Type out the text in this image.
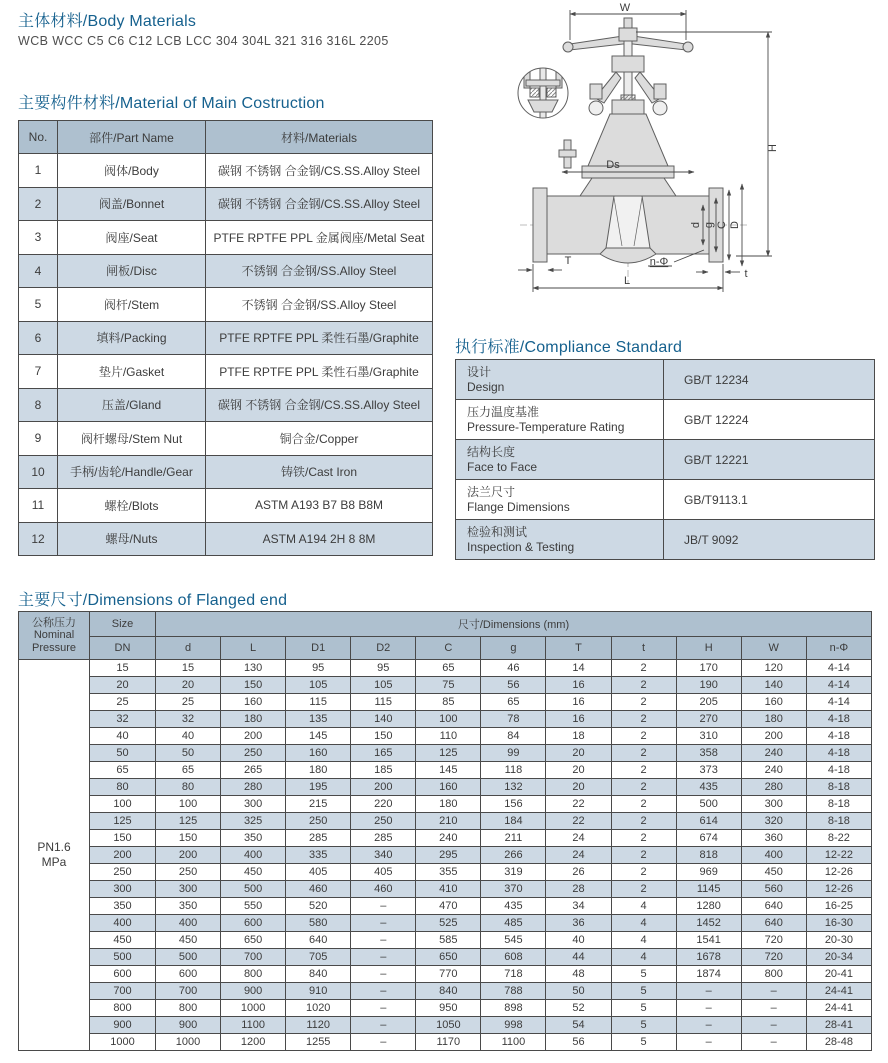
主体材料/Body Materials
WCB WCC C5 C6 C12 LCB LCC 304 304L 321 316 316L 2205
主要构件材料/Material of Main Costruction
No.	部件/Part Name	材料/Materials
1	阀体/Body	碳钢 不锈钢 合金钢/CS.SS.Alloy Steel
2	阀盖/Bonnet	碳钢 不锈钢 合金钢/CS.SS.Alloy Steel
3	阀座/Seat	PTFE RPTFE PPL 金属阀座/Metal Seat
4	闸板/Disc	不锈钢 合金钢/SS.Alloy Steel
5	阀杆/Stem	不锈钢 合金钢/SS.Alloy Steel
6	填料/Packing	PTFE RPTFE PPL 柔性石墨/Graphite
7	垫片/Gasket	PTFE RPTFE PPL 柔性石墨/Graphite
8	压盖/Gland	碳钢 不锈钢 合金钢/CS.SS.Alloy Steel
9	阀杆螺母/Stem Nut	铜合金/Copper
10	手柄/齿轮/Handle/Gear	铸铁/Cast Iron
11	螺栓/Blots	ASTM A193 B7 B8 B8M
12	螺母/Nuts	ASTM A194 2H 8 8M
W
H
Ds
d g C D
T	n-Φ
t
L
执行标准/Compliance Standard
设计
Design	GB/T 12234

压力温度基准
Pressure-Temperature Rating	GB/T 12224

结构长度
Face to Face	GB/T 12221

法兰尺寸
Flange Dimensions	GB/T9113.1

检验和测试
Inspection & Testing	JB/T 9092
主要尺寸/Dimensions of Flanged end
公称压力
Nominal
Pressure	Size	尺寸/Dimensions (mm)										
	DN	d	L	D1	D2	C	g	T	t	H	W	n-Φ

PN1.6
MPa	15	15	130	95	95	65	46	14	2	170	120	4-14
	20	20	150	105	105	75	56	16	2	190	140	4-14
	25	25	160	115	115	85	65	16	2	205	160	4-14
	32	32	180	135	140	100	78	16	2	270	180	4-18
	40	40	200	145	150	110	84	18	2	310	200	4-18
	50	50	250	160	165	125	99	20	2	358	240	4-18
	65	65	265	180	185	145	118	20	2	373	240	4-18
	80	80	280	195	200	160	132	20	2	435	280	8-18
	100	100	300	215	220	180	156	22	2	500	300	8-18
	125	125	325	250	250	210	184	22	2	614	320	8-18
	150	150	350	285	285	240	211	24	2	674	360	8-22
	200	200	400	335	340	295	266	24	2	818	400	12-22
	250	250	450	405	405	355	319	26	2	969	450	12-26
	300	300	500	460	460	410	370	28	2	1145	560	12-26
	350	350	550	520	–	470	435	34	4	1280	640	16-25
	400	400	600	580	–	525	485	36	4	1452	640	16-30
	450	450	650	640	–	585	545	40	4	1541	720	20-30
	500	500	700	705	–	650	608	44	4	1678	720	20-34
	600	600	800	840	–	770	718	48	5	1874	800	20-41
	700	700	900	910	–	840	788	50	5	–	–	24-41
	800	800	1000	1020	–	950	898	52	5	–	–	24-41
	900	900	1100	1120	–	1050	998	54	5	–	–	28-41
	1000	1000	1200	1255	–	1170	1100	56	5	–	–	28-48
